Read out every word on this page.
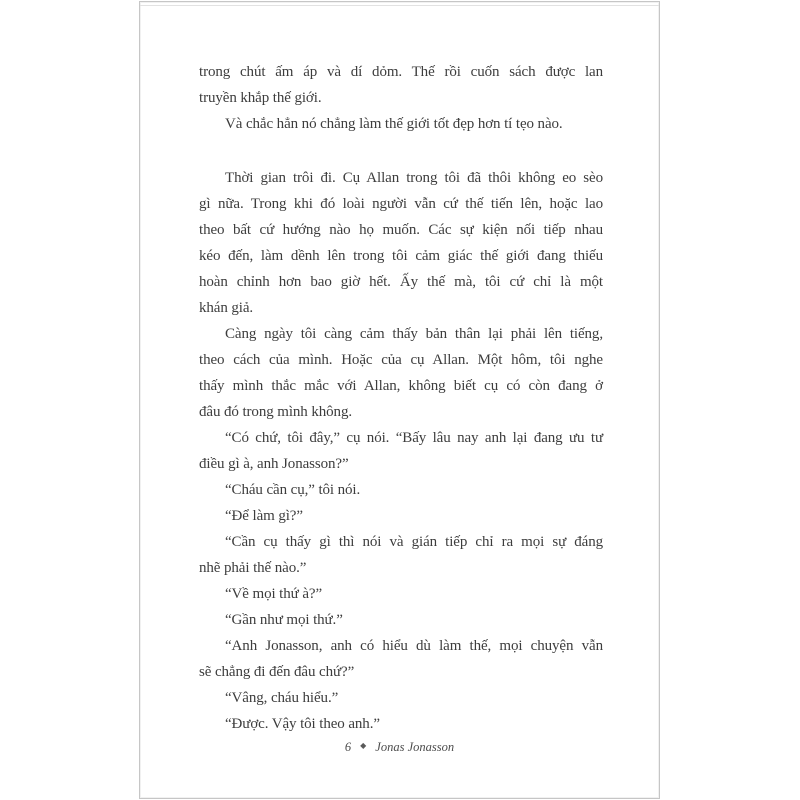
trong chút ấm áp và dí dỏm. Thế rồi cuốn sách được lan
truyền khắp thế giới.
Và chắc hẳn nó chẳng làm thế giới tốt đẹp hơn tí tẹo nào.
Thời gian trôi đi. Cụ Allan trong tôi đã thôi không eo sèo
gì nữa. Trong khi đó loài người vẫn cứ thế tiến lên, hoặc lao
theo bất cứ hướng nào họ muốn. Các sự kiện nối tiếp nhau
kéo đến, làm dềnh lên trong tôi cảm giác thế giới đang thiếu
hoàn chỉnh hơn bao giờ hết. Ấy thế mà, tôi cứ chỉ là một
khán giả.
Càng ngày tôi càng cảm thấy bản thân lại phải lên tiếng,
theo cách của mình. Hoặc của cụ Allan. Một hôm, tôi nghe
thấy mình thắc mắc với Allan, không biết cụ có còn đang ở
đâu đó trong mình không.
“Có chứ, tôi đây,” cụ nói. “Bấy lâu nay anh lại đang ưu tư
điều gì à, anh Jonasson?”
“Cháu cần cụ,” tôi nói.
“Để làm gì?”
“Cần cụ thấy gì thì nói và gián tiếp chỉ ra mọi sự đáng
nhẽ phải thế nào.”
“Về mọi thứ à?”
“Gần như mọi thứ.”
“Anh Jonasson, anh có hiểu dù làm thế, mọi chuyện vẫn
sẽ chẳng đi đến đâu chứ?”
“Vâng, cháu hiểu.”
“Được. Vậy tôi theo anh.”
6 ◆ Jonas Jonasson
